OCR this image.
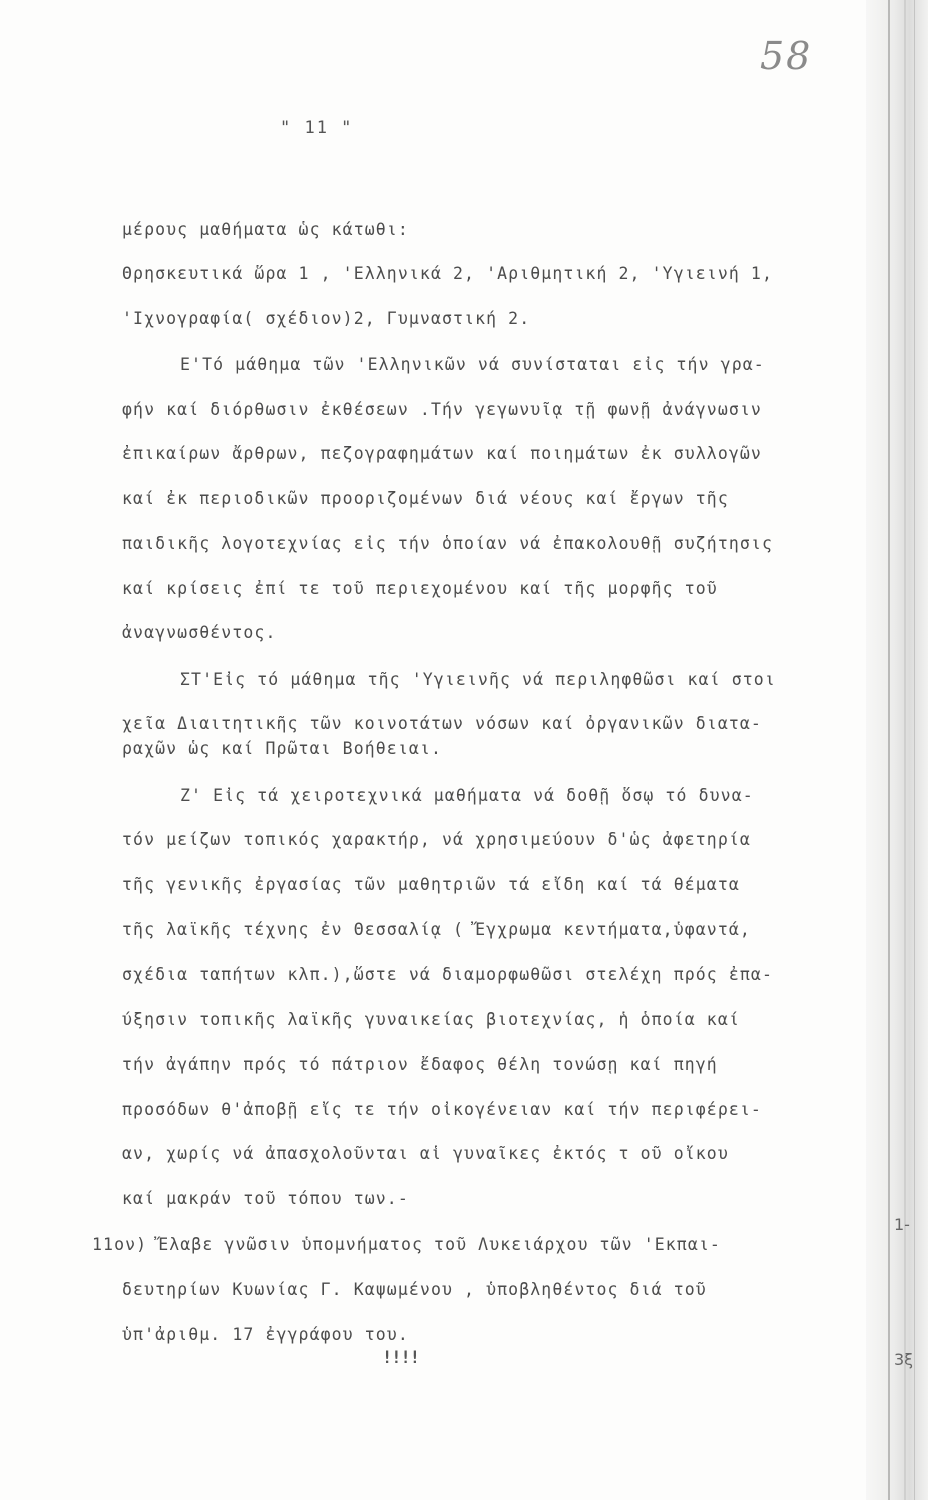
58
" 11 "
μέρους μαθήματα ὡς κάτωθι:
Θρησκευτικά ὥρα 1 , 'Ελληνικά 2, 'Αριθμητική 2, 'Υγιεινή 1,
'Ιχνογραφία( σχέδιον)2, Γυμναστική 2.
Ε'Τό μάθημα τῶν 'Ελληνικῶν νά συνίσταται εἰς τήν γρα-
φήν καί διόρθωσιν ἐκθέσεων .Τήν γεγωνυῖᾳ τῇ φωνῇ ἀνάγνωσιν
ἐπικαίρων ἄρθρων, πεζογραφημάτων καί ποιημάτων ἐκ συλλογῶν
καί ἐκ περιοδικῶν προοριζομένων διά νέους καί ἔργων τῆς
παιδικῆς λογοτεχνίας εἰς τήν ὁποίαν νά ἐπακολουθῇ συζήτησις
καί κρίσεις ἐπί τε τοῦ περιεχομένου καί τῆς μορφῆς τοῦ
ἀναγνωσθέντος.
ΣΤ'Εἰς τό μάθημα τῆς 'Υγιεινῆς νά περιληφθῶσι καί στοι
χεῖα Διαιτητικῆς τῶν κοινοτάτων νόσων καί ὀργανικῶν διατα-
ραχῶν ὡς καί Πρῶται Βοήθειαι.
Ζ' Εἰς τά χειροτεχνικά μαθήματα νά δοθῇ ὅσῳ τό δυνα-
τόν μείζων τοπικός χαρακτήρ, νά χρησιμεύουν δ'ὡς ἀφετηρία
τῆς γενικῆς ἐργασίας τῶν μαθητριῶν τά εἴδη καί τά θέματα
τῆς λαϊκῆς τέχνης ἐν Θεσσαλίᾳ ( Ἔγχρωμα κεντήματα,ὑφαντά,
σχέδια ταπήτων κλπ.),ὥστε νά διαμορφωθῶσι στελέχη πρός ἐπα-
ύξησιν τοπικῆς λαϊκῆς γυναικείας βιοτεχνίας, ἡ ὁποία καί
τήν ἀγάπην πρός τό πάτριον ἔδαφος θέλη τονώσῃ καί πηγή
προσόδων θ'ἀποβῇ εἴς τε τήν οἰκογένειαν καί τήν περιφέρει-
αν, χωρίς νά ἀπασχολοῦνται αἱ γυναῖκες ἐκτός τ οῦ οἴκου
καί μακράν τοῦ τόπου των.-
11ον) Ἔλαβε γνῶσιν ὑπομνήματος τοῦ Λυκειάρχου τῶν 'Εκπαι-
δευτηρίων Κυωνίας Γ. Καψωμένου , ὑποβληθέντος διά τοῦ
ὑπ'ἀριθμ. 17 ἐγγράφου του.
!!!!
1-
3ξ
